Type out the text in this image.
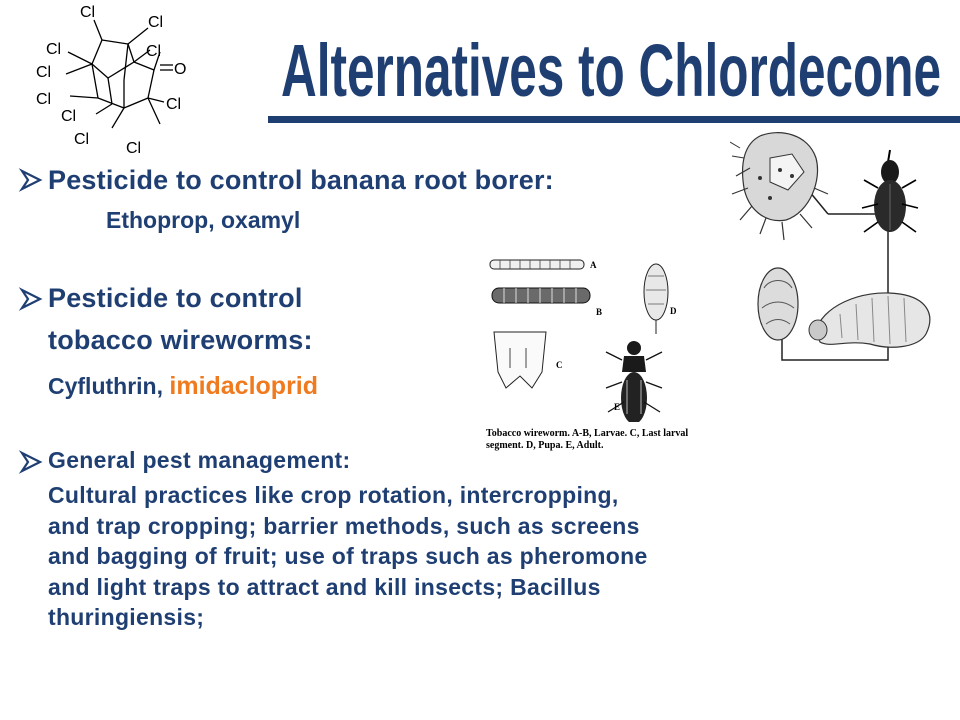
Cl
Cl
Cl	Cl
Cl
Cl	Cl
Cl
Cl
Cl
O Alternatives to Chlordecone
A
B
C
D
E
Tobacco wireworm. A-B, Larvae. C, Last larval
segment. D, Pupa. E, Adult.
Pesticide to control banana root borer:
Ethoprop, oxamyl
Pesticide to control
tobacco wireworms:
Cyfluthrin, imidacloprid
General pest management:
Cultural practices like crop rotation, intercropping,
and trap cropping; barrier methods, such as screens
and bagging of fruit; use of traps such as pheromone
and light traps to attract and kill insects; Bacillus
thuringiensis;
